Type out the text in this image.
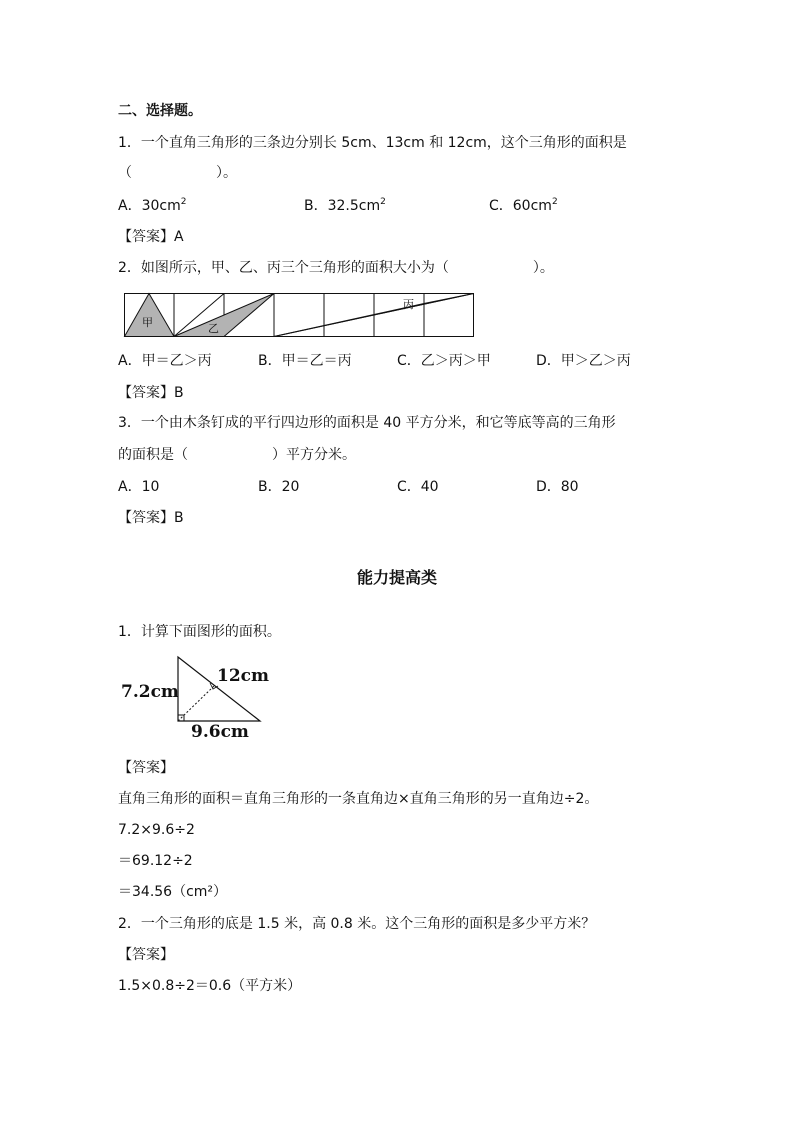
二、选择题。
1．一个直角三角形的三条边分别长 5cm、13cm 和 12cm，这个三角形的面积是
（　　　　　　）。
A．$30cm^2$	B．$32.5cm^2$	C．$60cm^2$
【答案】A
2．如图所示，甲、乙、丙三个三角形的面积大小为（　　　　　　）。
甲	乙
丙
A．甲＝乙＞丙	B．甲＝乙＝丙	C．乙＞丙＞甲	D．甲＞乙＞丙
【答案】B
3．一个由木条钉成的平行四边形的面积是 40 平方分米，和它等底等高的三角形
的面积是（　　　　　　）平方分米。
A．10	B．20	C．40	D．80
【答案】B
能力提高类
1．计算下面图形的面积。
7.2cm
12cm
9.6cm
【答案】
直角三角形的面积＝直角三角形的一条直角边×直角三角形的另一直角边÷2。
7.2×9.6÷2
＝69.12÷2
＝34.56（cm²）
2．一个三角形的底是 1.5 米，高 0.8 米。这个三角形的面积是多少平方米？
【答案】
1.5×0.8÷2＝0.6（平方米）
